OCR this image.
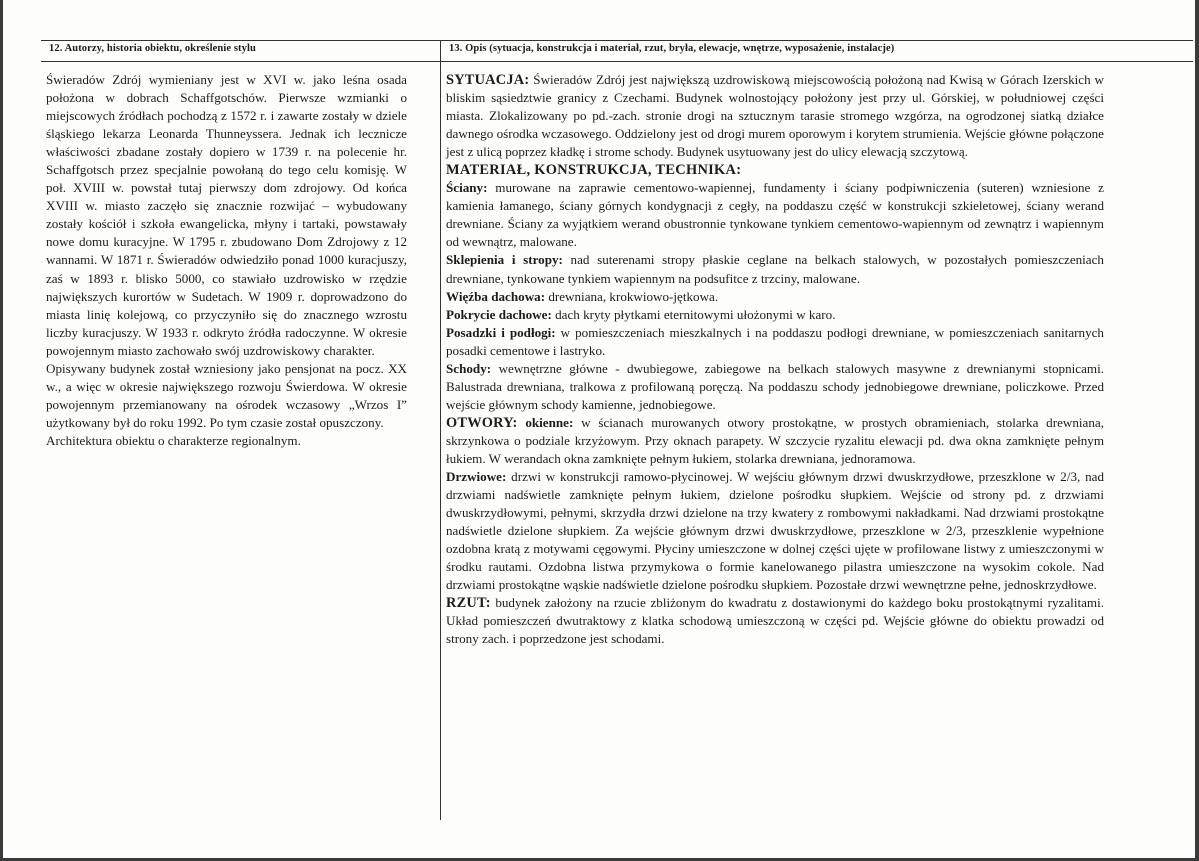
12. Autorzy, historia obiektu, określenie stylu	13. Opis (sytuacja, konstrukcja i materiał, rzut, bryła, elewacje, wnętrze, wyposażenie, instalacje)

Świeradów Zdrój wymieniany jest w XVI w. jako leśna osada położona w dobrach Schaffgotschów. Pierwsze wzmianki o miejscowych źródłach pochodzą z 1572 r. i zawarte zostały w dziele śląskiego lekarza Leonarda Thunneyssera. Jednak ich lecznicze właściwości zbadane zostały dopiero w 1739 r. na polecenie hr. Schaffgotsch przez specjalnie powołaną do tego celu komisję. W poł. XVIII w. powstał tutaj pierwszy dom zdrojowy. Od końca XVIII w. miasto zaczęło się znacznie rozwijać – wybudowany zostały kościół i szkoła ewangelicka, młyny i tartaki, powstawały nowe domu kuracyjne. W 1795 r. zbudowano Dom Zdrojowy z 12 wannami. W 1871 r. Świeradów odwiedziło ponad 1000 kuracjuszy, zaś w 1893 r. blisko 5000, co stawiało uzdrowisko w rzędzie największych kurortów w Sudetach. W 1909 r. doprowadzono do miasta linię kolejową, co przyczyniło się do znacznego wzrostu liczby kuracjuszy. W 1933 r. odkryto źródła radoczynne. W okresie powojennym miasto zachowało swój uzdrowiskowy charakter.

Opisywany budynek został wzniesiony jako pensjonat na pocz. XX w., a więc w okresie największego rozwoju Świerdowa. W okresie powojennym przemianowany na ośrodek wczasowy „Wrzos I” użytkowany był do roku 1992. Po tym czasie został opuszczony.

Architektura obiektu o charakterze regionalnym.

SYTUACJA: Świeradów Zdrój jest największą uzdrowiskową miejscowością położoną nad Kwisą w Górach Izerskich w bliskim sąsiedztwie granicy z Czechami. Budynek wolnostojący położony jest przy ul. Górskiej, w południowej części miasta. Zlokalizowany po pd.-zach. stronie drogi na sztucznym tarasie stromego wzgórza, na ogrodzonej siatką działce dawnego ośrodka wczasowego. Oddzielony jest od drogi murem oporowym i korytem strumienia. Wejście główne połączone jest z ulicą poprzez kładkę i strome schody. Budynek usytuowany jest do ulicy elewacją szczytową.

MATERIAŁ, KONSTRUKCJA, TECHNIKA:

Ściany: murowane na zaprawie cementowo-wapiennej, fundamenty i ściany podpiwniczenia (suteren) wzniesione z kamienia łamanego, ściany górnych kondygnacji z cegły, na poddaszu część w konstrukcji szkieletowej, ściany werand drewniane. Ściany za wyjątkiem werand obustronnie tynkowane tynkiem cementowo-wapiennym od zewnątrz i wapiennym od wewnątrz, malowane.

Sklepienia i stropy: nad suterenami stropy płaskie ceglane na belkach stalowych, w pozostałych pomieszczeniach drewniane, tynkowane tynkiem wapiennym na podsufitce z trzciny, malowane.

Więźba dachowa: drewniana, krokwiowo-jętkowa.

Pokrycie dachowe: dach kryty płytkami eternitowymi ułożonymi w karo.

Posadzki i podłogi: w pomieszczeniach mieszkalnych i na poddaszu podłogi drewniane, w pomieszczeniach sanitarnych posadki cementowe i lastryko.

Schody: wewnętrzne główne - dwubiegowe, zabiegowe na belkach stalowych masywne z drewnianymi stopnicami. Balustrada drewniana, tralkowa z profilowaną poręczą. Na poddaszu schody jednobiegowe drewniane, policzkowe. Przed wejście głównym schody kamienne, jednobiegowe.

OTWORY: okienne: w ścianach murowanych otwory prostokątne, w prostych obramieniach, stolarka drewniana, skrzynkowa o podziale krzyżowym. Przy oknach parapety. W szczycie ryzalitu elewacji pd. dwa okna zamknięte pełnym łukiem. W werandach okna zamknięte pełnym łukiem, stolarka drewniana, jednoramowa.

Drzwiowe: drzwi w konstrukcji ramowo-płycinowej. W wejściu głównym drzwi dwuskrzydłowe, przeszklone w 2/3, nad drzwiami nadświetle zamknięte pełnym łukiem, dzielone pośrodku słupkiem. Wejście od strony pd. z drzwiami dwuskrzydłowymi, pełnymi, skrzydła drzwi dzielone na trzy kwatery z rombowymi nakładkami. Nad drzwiami prostokątne nadświetle dzielone słupkiem. Za wejście głównym drzwi dwuskrzydłowe, przeszklone w 2/3, przeszklenie wypełnione ozdobna kratą z motywami cęgowymi. Płyciny umieszczone w dolnej części ujęte w profilowane listwy z umieszczonymi w środku rautami. Ozdobna listwa przymykowa o formie kanelowanego pilastra umieszczone na wysokim cokole. Nad drzwiami prostokątne wąskie nadświetle dzielone pośrodku słupkiem. Pozostałe drzwi wewnętrzne pełne, jednoskrzydłowe.

RZUT: budynek założony na rzucie zbliżonym do kwadratu z dostawionymi do każdego boku prostokątnymi ryzalitami. Układ pomieszczeń dwutraktowy z klatka schodową umieszczoną w części pd. Wejście główne do obiektu prowadzi od strony zach. i poprzedzone jest schodami.
